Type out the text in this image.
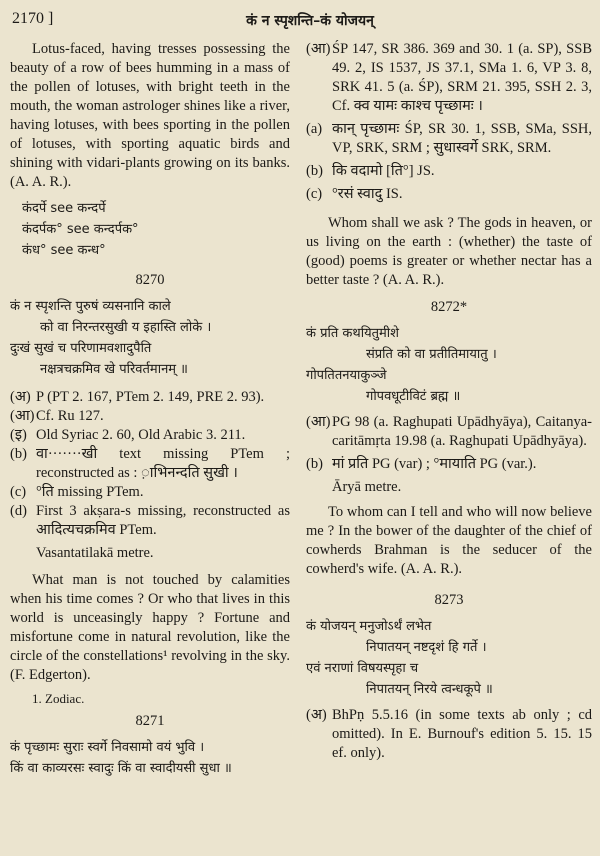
2170 ]	कं न स्पृशन्ति–कं योजयन्

Lotus-faced, having tresses possessing the beauty of a row of bees humming in a mass of the pollen of lotuses, with bright teeth in the mouth, the woman astrologer shines like a river, having lotuses, with bees sporting in the pollen of lotuses, with sporting aquatic birds and shining with vidari-plants growing on its banks. (A. A. R.).

कंदर्पे see कन्दर्पे

कंदर्पक° see कन्दर्पक°

कंध° see कन्ध°

8270

कं न स्पृशन्ति पुरुषं व्यसनानि काले

को वा निरन्तरसुखी य इहास्ति लोके ।

दुःखं सुखं च परिणामवशादुपैति

नक्षत्रचक्रमिव खे परिवर्तमानम् ॥

(अ) P (PT 2. 167, PTem 2. 149, PRE 2. 93).
(आ) Cf. Ru 127.
(इ) Old Syriac 2. 60, Old Arabic 3. 211.
(b) वा·······खी text missing PTem ; reconstructed as : ़ाभिनन्दति सुखी ।
(c) °ति missing PTem.
(d) First 3 akṣara-s missing, reconstructed as आदित्यचक्रमिव PTem.

Vasantatilakā metre.

What man is not touched by calamities when his time comes ? Or who that lives in this world is unceasingly happy ? Fortune and misfortune come in natural revolution, like the circle of the constellations¹ revolving in the sky. (F. Edgerton).

1. Zodiac.

8271

कं पृच्छामः सुराः स्वर्गे निवसामो वयं भुवि ।

किं वा काव्यरसः स्वादुः किं वा स्वादीयसी सुधा ॥

(आ) ŚP 147, SR 386. 369 and 30. 1 (a. SP), SSB 49. 2, IS 1537, JS 37.1, SMa 1. 6, VP 3. 8, SRK 41. 5 (a. ŚP), SRM 21. 395, SSH 2. 3, Cf. क्व यामः काश्च पृच्छामः ।
(a) कान् पृच्छामः ŚP, SR 30. 1, SSB, SMa, SSH, VP, SRK, SRM ; सुधास्वर्गे SRK, SRM.
(b) कि वदामो [ति°] JS.
(c) °रसं स्वादु IS.

Whom shall we ask ? The gods in heaven, or us living on the earth : (whether) the taste of (good) poems is greater or whether nectar has a better taste ? (A. A. R.).

8272*

कं प्रति कथयितुमीशे

संप्रति को वा प्रतीतिमायातु ।

गोपतितनयाकुञ्जे

गोपवधूटीविटं ब्रह्म ॥

(आ) PG 98 (a. Raghupati Upādhyāya), Caitanya-caritāmṛta 19.98 (a. Raghupati Upādhyāya).
(b) मां प्रति PG (var) ; °मायाति PG (var.).

Āryā metre.

To whom can I tell and who will now believe me ? In the bower of the daughter of the chief of cowherds Brahman is the seducer of the cowherd's wife. (A. A. R.).

8273

कं योजयन् मनुजोऽर्थं लभेत

निपातयन् नष्टदृशं हि गर्ते ।

एवं नराणां विषयस्पृहा च

निपातयन् निरये त्वन्धकूपे ॥

(अ) BhPṇ 5.5.16 (in some texts ab only ; cd omitted). In E. Burnouf's edition 5. 15. 15 ef. only).
